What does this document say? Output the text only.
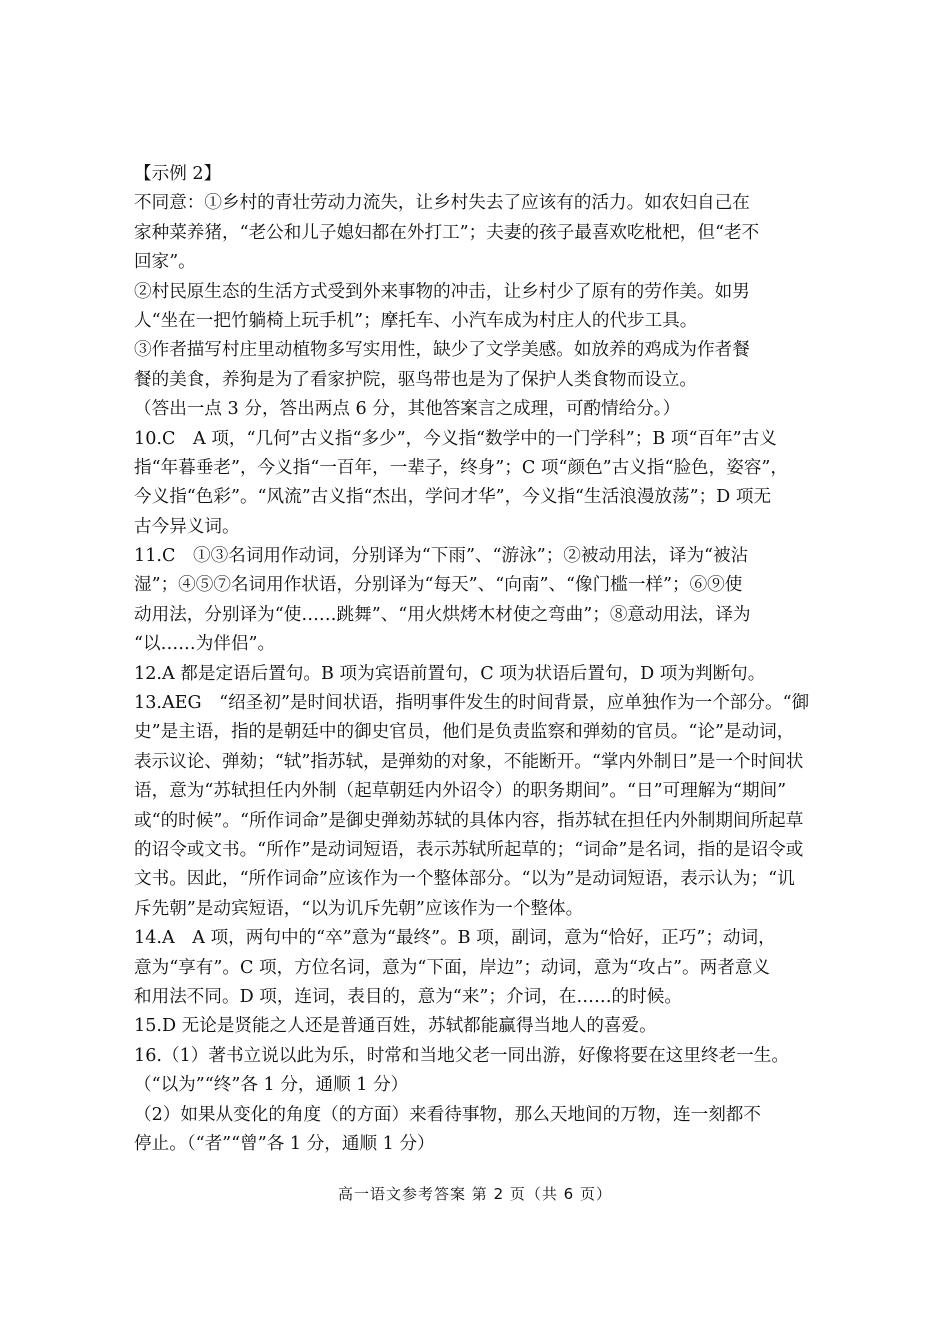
【示例 2】
不同意：①乡村的青壮劳动力流失，让乡村失去了应该有的活力。如农妇自己在
家种菜养猪，“老公和儿子媳妇都在外打工”；夫妻的孩子最喜欢吃枇杷，但“老不
回家”。
②村民原生态的生活方式受到外来事物的冲击，让乡村少了原有的劳作美。如男
人“坐在一把竹躺椅上玩手机”；摩托车、小汽车成为村庄人的代步工具。
③作者描写村庄里动植物多写实用性，缺少了文学美感。如放养的鸡成为作者餐
餐的美食，养狗是为了看家护院，驱鸟带也是为了保护人类食物而设立。
（答出一点 3 分，答出两点 6 分，其他答案言之成理，可酌情给分。）
10.C　A 项，“几何”古义指“多少”，今义指“数学中的一门学科”；B 项“百年”古义
指“年暮垂老”，今义指“一百年，一辈子，终身”；C 项“颜色”古义指“脸色，姿容”，
今义指“色彩”。“风流”古义指“杰出，学问才华”，今义指“生活浪漫放荡”；D 项无
古今异义词。
11.C　①③名词用作动词，分别译为“下雨”、“游泳”；②被动用法，译为“被沾
湿”；④⑤⑦名词用作状语，分别译为“每天”、“向南”、“像门槛一样”；⑥⑨使
动用法，分别译为“使……跳舞”、“用火烘烤木材使之弯曲”；⑧意动用法，译为
“以……为伴侣”。
12.A 都是定语后置句。B 项为宾语前置句，C 项为状语后置句，D 项为判断句。
13.AEG　“绍圣初”是时间状语，指明事件发生的时间背景，应单独作为一个部分。“御
史”是主语，指的是朝廷中的御史官员，他们是负责监察和弹劾的官员。“论”是动词，
表示议论、弹劾；“轼”指苏轼，是弹劾的对象，不能断开。“掌内外制日”是一个时间状
语，意为“苏轼担任内外制（起草朝廷内外诏令）的职务期间”。“日”可理解为“期间”
或“的时候”。“所作词命”是御史弹劾苏轼的具体内容，指苏轼在担任内外制期间所起草
的诏令或文书。“所作”是动词短语，表示苏轼所起草的；“词命”是名词，指的是诏令或
文书。因此，“所作词命”应该作为一个整体部分。“以为”是动词短语，表示认为；“讥
斥先朝”是动宾短语，“以为讥斥先朝”应该作为一个整体。
14.A　A 项，两句中的“卒”意为“最终”。B 项，副词，意为“恰好，正巧”；动词，
意为“享有”。C 项，方位名词，意为“下面，岸边”；动词，意为“攻占”。两者意义
和用法不同。D 项，连词，表目的，意为“来”；介词，在……的时候。
15.D 无论是贤能之人还是普通百姓，苏轼都能赢得当地人的喜爱。
16.（1）著书立说以此为乐，时常和当地父老一同出游，好像将要在这里终老一生。
（“以为”“终”各 1 分，通顺 1 分）
（2）如果从变化的角度（的方面）来看待事物，那么天地间的万物，连一刻都不
停止。（“者”“曾”各 1 分，通顺 1 分）
高一语文参考答案 第 2 页（共 6 页）
